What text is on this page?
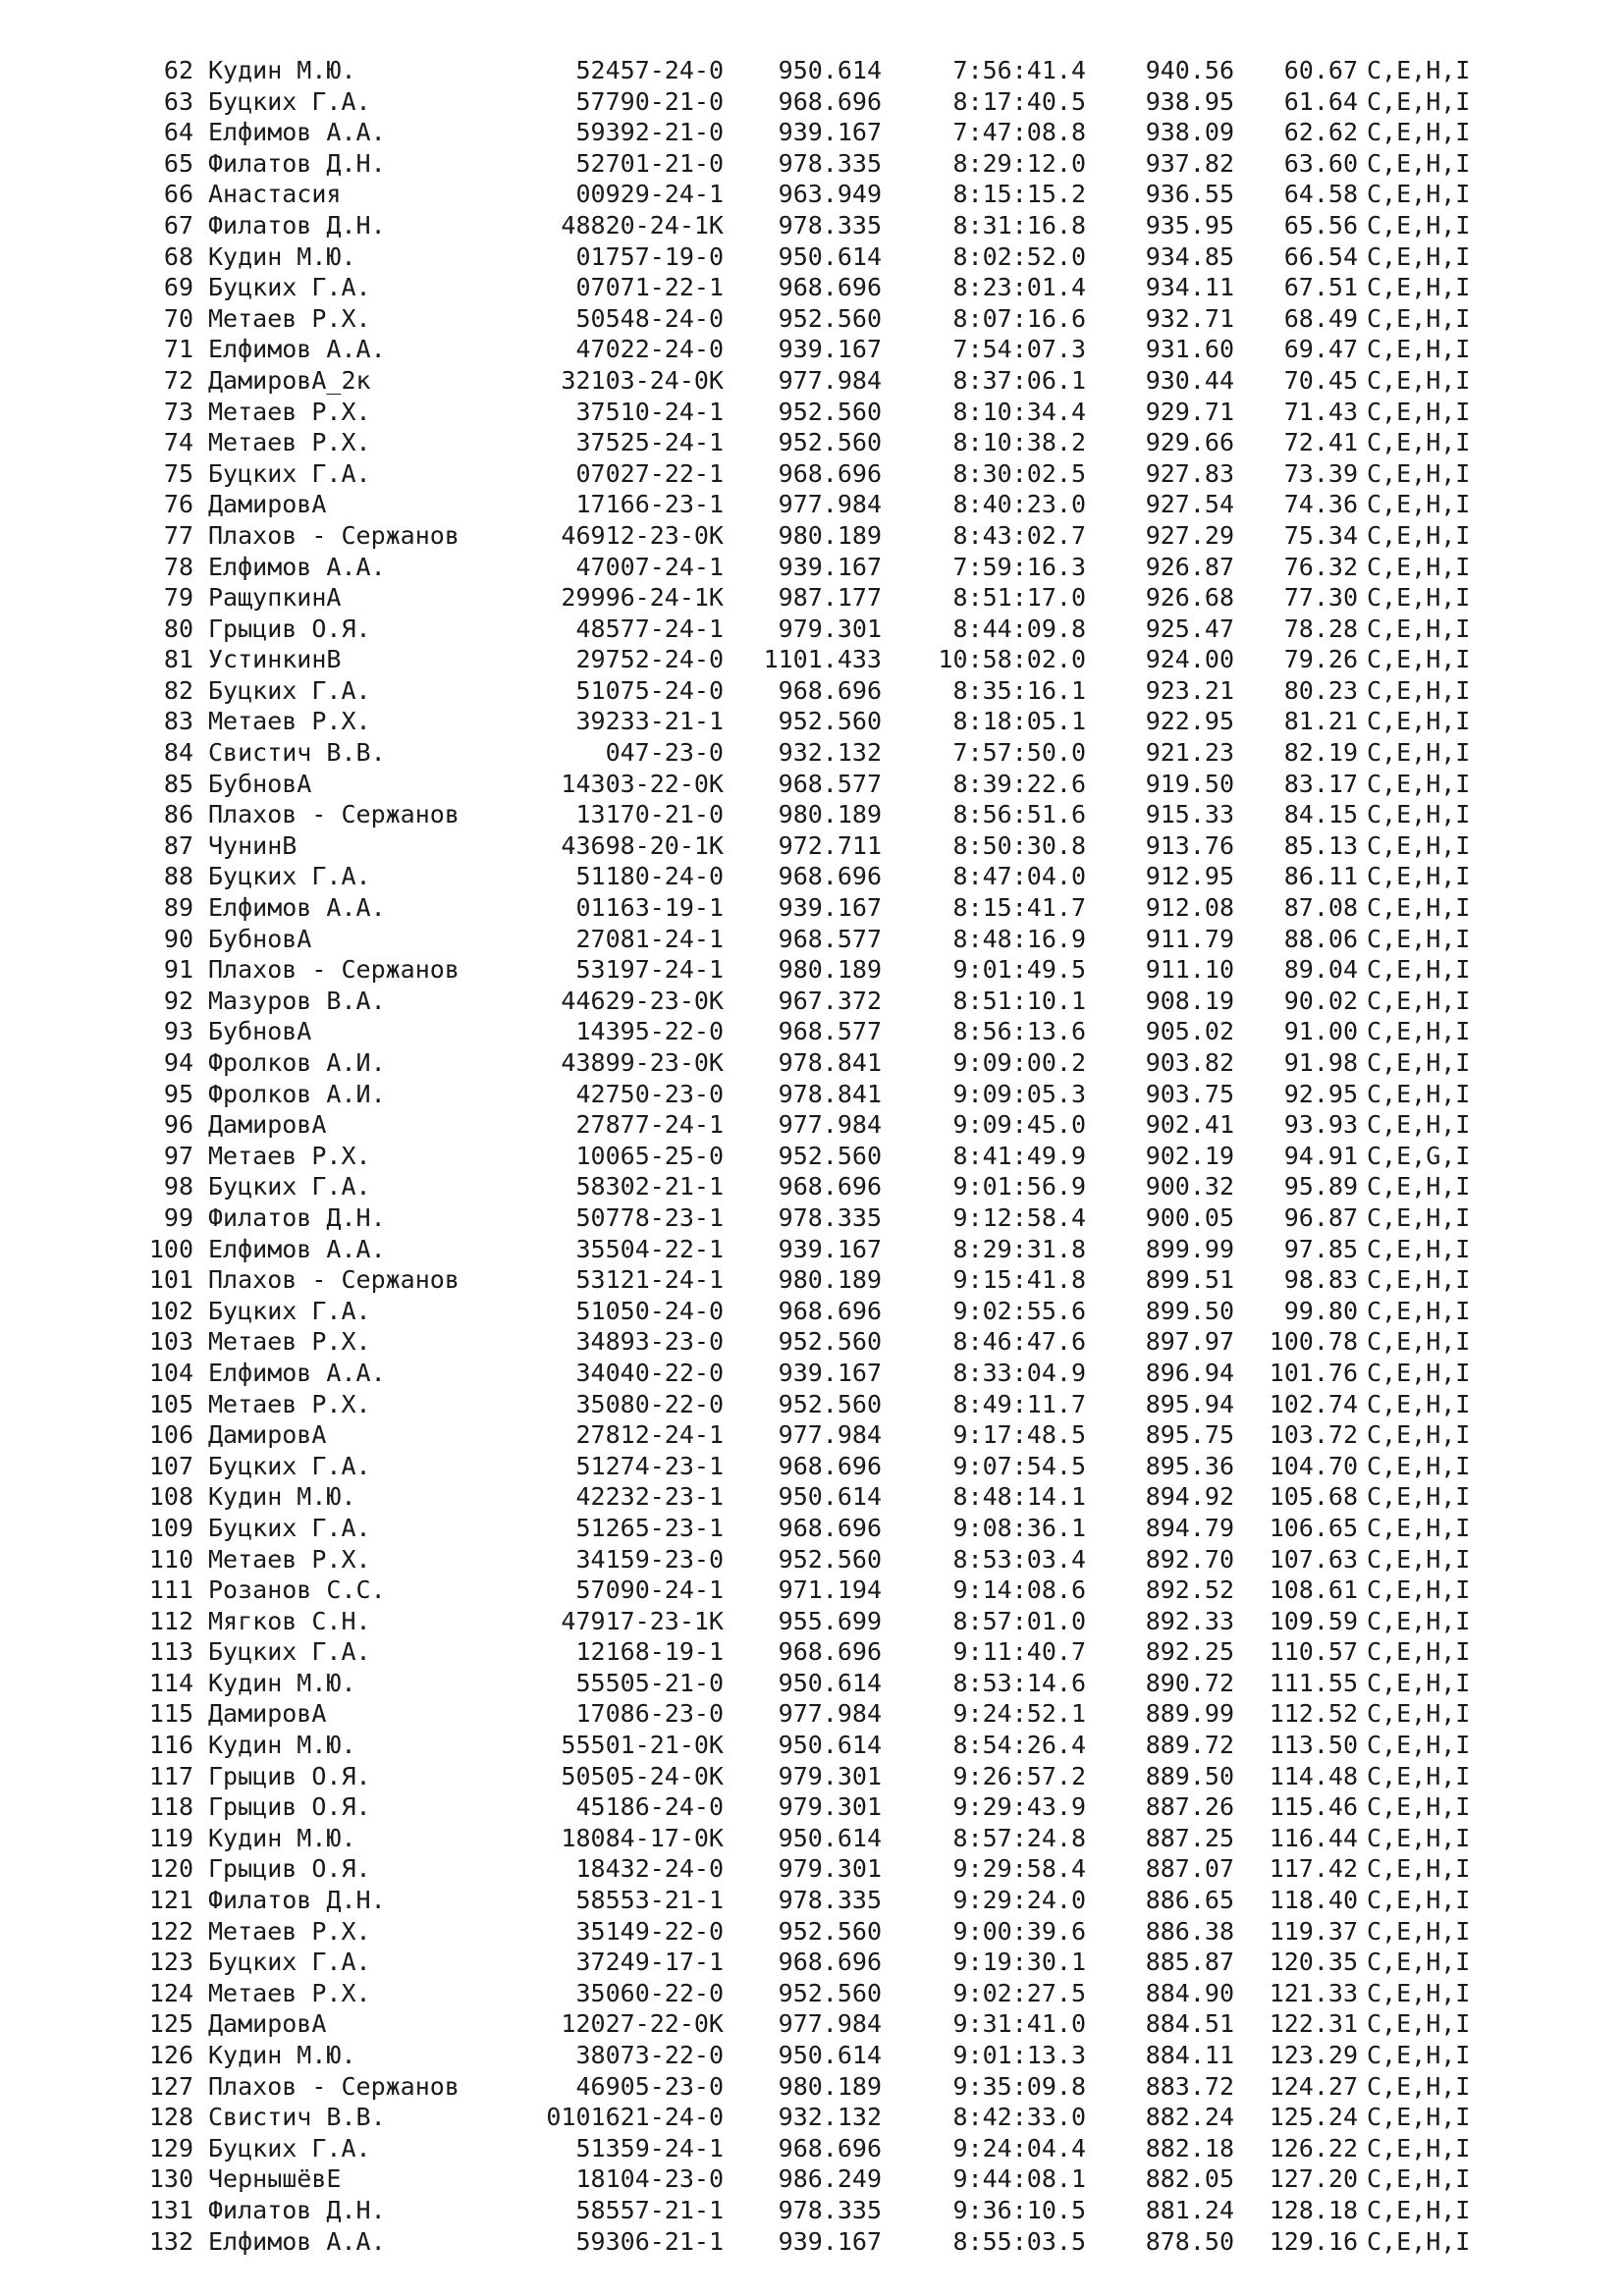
62 Кудин М.Ю.	52457-24-0 950.614	7:56:41.4 940.56 60.67 C,E,H,I
63 Буцких Г.А.	57790-21-0 968.696	8:17:40.5 938.95 61.64 C,E,H,I
64 Елфимов А.А.	59392-21-0 939.167	7:47:08.8 938.09 62.62 C,E,H,I
65 Филатов Д.Н.	52701-21-0 978.335	8:29:12.0 937.82 63.60 C,E,H,I
66 Анастасия	00929-24-1 963.949	8:15:15.2 936.55 64.58 C,E,H,I
67 Филатов Д.Н.	48820-24-1K 978.335	8:31:16.8 935.95 65.56 C,E,H,I
68 Кудин М.Ю.	01757-19-0 950.614	8:02:52.0 934.85 66.54 C,E,H,I
69 Буцких Г.А.	07071-22-1 968.696	8:23:01.4 934.11 67.51 C,E,H,I
70 Метаев Р.Х.	50548-24-0 952.560	8:07:16.6 932.71 68.49 C,E,H,I
71 Елфимов А.А.	47022-24-0 939.167	7:54:07.3 931.60 69.47 C,E,H,I
72 ДамировА_2к	32103-24-0K 977.984	8:37:06.1 930.44 70.45 C,E,H,I
73 Метаев Р.Х.	37510-24-1 952.560	8:10:34.4 929.71 71.43 C,E,H,I
74 Метаев Р.Х.	37525-24-1 952.560	8:10:38.2 929.66 72.41 C,E,H,I
75 Буцких Г.А.	07027-22-1 968.696	8:30:02.5 927.83 73.39 C,E,H,I
76 ДамировА	17166-23-1 977.984	8:40:23.0 927.54 74.36 C,E,H,I
77 Плахов - Сержанов	46912-23-0K 980.189	8:43:02.7 927.29 75.34 C,E,H,I
78 Елфимов А.А.	47007-24-1 939.167	7:59:16.3 926.87 76.32 C,E,H,I
79 РащупкинА	29996-24-1K 987.177	8:51:17.0 926.68 77.30 C,E,H,I
80 Грыцив О.Я.	48577-24-1 979.301	8:44:09.8 925.47 78.28 C,E,H,I
81 УстинкинВ	29752-24-0 1101.433 10:58:02.0 924.00 79.26 C,E,H,I
82 Буцких Г.А.	51075-24-0 968.696	8:35:16.1 923.21 80.23 C,E,H,I
83 Метаев Р.Х.	39233-21-1 952.560	8:18:05.1 922.95 81.21 C,E,H,I
84 Свистич В.В.	047-23-0 932.132	7:57:50.0 921.23 82.19 C,E,H,I
85 БубновА	14303-22-0K 968.577	8:39:22.6 919.50 83.17 C,E,H,I
86 Плахов - Сержанов	13170-21-0 980.189	8:56:51.6 915.33 84.15 C,E,H,I
87 ЧунинВ	43698-20-1K 972.711	8:50:30.8 913.76 85.13 C,E,H,I
88 Буцких Г.А.	51180-24-0 968.696	8:47:04.0 912.95 86.11 C,E,H,I
89 Елфимов А.А.	01163-19-1 939.167	8:15:41.7 912.08 87.08 C,E,H,I
90 БубновА	27081-24-1 968.577	8:48:16.9 911.79 88.06 C,E,H,I
91 Плахов - Сержанов	53197-24-1 980.189	9:01:49.5 911.10 89.04 C,E,H,I
92 Мазуров В.А.	44629-23-0K 967.372	8:51:10.1 908.19 90.02 C,E,H,I
93 БубновА	14395-22-0 968.577	8:56:13.6 905.02 91.00 C,E,H,I
94 Фролков А.И.	43899-23-0K 978.841	9:09:00.2 903.82 91.98 C,E,H,I
95 Фролков А.И.	42750-23-0 978.841	9:09:05.3 903.75 92.95 C,E,H,I
96 ДамировА	27877-24-1 977.984	9:09:45.0 902.41 93.93 C,E,H,I
97 Метаев Р.Х.	10065-25-0 952.560	8:41:49.9 902.19 94.91 C,E,G,I
98 Буцких Г.А.	58302-21-1 968.696	9:01:56.9 900.32 95.89 C,E,H,I
99 Филатов Д.Н.	50778-23-1 978.335	9:12:58.4 900.05 96.87 C,E,H,I
100 Елфимов А.А.	35504-22-1 939.167	8:29:31.8 899.99 97.85 C,E,H,I
101 Плахов - Сержанов	53121-24-1 980.189	9:15:41.8 899.51 98.83 C,E,H,I
102 Буцких Г.А.	51050-24-0 968.696	9:02:55.6 899.50 99.80 C,E,H,I
103 Метаев Р.Х.	34893-23-0 952.560	8:46:47.6 897.97 100.78 C,E,H,I
104 Елфимов А.А.	34040-22-0 939.167	8:33:04.9 896.94 101.76 C,E,H,I
105 Метаев Р.Х.	35080-22-0 952.560	8:49:11.7 895.94 102.74 C,E,H,I
106 ДамировА	27812-24-1 977.984	9:17:48.5 895.75 103.72 C,E,H,I
107 Буцких Г.А.	51274-23-1 968.696	9:07:54.5 895.36 104.70 C,E,H,I
108 Кудин М.Ю.	42232-23-1 950.614	8:48:14.1 894.92 105.68 C,E,H,I
109 Буцких Г.А.	51265-23-1 968.696	9:08:36.1 894.79 106.65 C,E,H,I
110 Метаев Р.Х.	34159-23-0 952.560	8:53:03.4 892.70 107.63 C,E,H,I
111 Розанов С.С.	57090-24-1 971.194	9:14:08.6 892.52 108.61 C,E,H,I
112 Мягков С.Н.	47917-23-1K 955.699	8:57:01.0 892.33 109.59 C,E,H,I
113 Буцких Г.А.	12168-19-1 968.696	9:11:40.7 892.25 110.57 C,E,H,I
114 Кудин М.Ю.	55505-21-0 950.614	8:53:14.6 890.72 111.55 C,E,H,I
115 ДамировА	17086-23-0 977.984	9:24:52.1 889.99 112.52 C,E,H,I
116 Кудин М.Ю.	55501-21-0K 950.614	8:54:26.4 889.72 113.50 C,E,H,I
117 Грыцив О.Я.	50505-24-0K 979.301	9:26:57.2 889.50 114.48 C,E,H,I
118 Грыцив О.Я.	45186-24-0 979.301	9:29:43.9 887.26 115.46 C,E,H,I
119 Кудин М.Ю.	18084-17-0K 950.614	8:57:24.8 887.25 116.44 C,E,H,I
120 Грыцив О.Я.	18432-24-0 979.301	9:29:58.4 887.07 117.42 C,E,H,I
121 Филатов Д.Н.	58553-21-1 978.335	9:29:24.0 886.65 118.40 C,E,H,I
122 Метаев Р.Х.	35149-22-0 952.560	9:00:39.6 886.38 119.37 C,E,H,I
123 Буцких Г.А.	37249-17-1 968.696	9:19:30.1 885.87 120.35 C,E,H,I
124 Метаев Р.Х.	35060-22-0 952.560	9:02:27.5 884.90 121.33 C,E,H,I
125 ДамировА	12027-22-0K 977.984	9:31:41.0 884.51 122.31 C,E,H,I
126 Кудин М.Ю.	38073-22-0 950.614	9:01:13.3 884.11 123.29 C,E,H,I
127 Плахов - Сержанов	46905-23-0 980.189	9:35:09.8 883.72 124.27 C,E,H,I
128 Свистич В.В.	0101621-24-0 932.132	8:42:33.0 882.24 125.24 C,E,H,I
129 Буцких Г.А.	51359-24-1 968.696	9:24:04.4 882.18 126.22 C,E,H,I
130 ЧернышёвЕ	18104-23-0 986.249	9:44:08.1 882.05 127.20 C,E,H,I
131 Филатов Д.Н.	58557-21-1 978.335	9:36:10.5 881.24 128.18 C,E,H,I
132 Елфимов А.А.	59306-21-1 939.167	8:55:03.5 878.50 129.16 C,E,H,I
